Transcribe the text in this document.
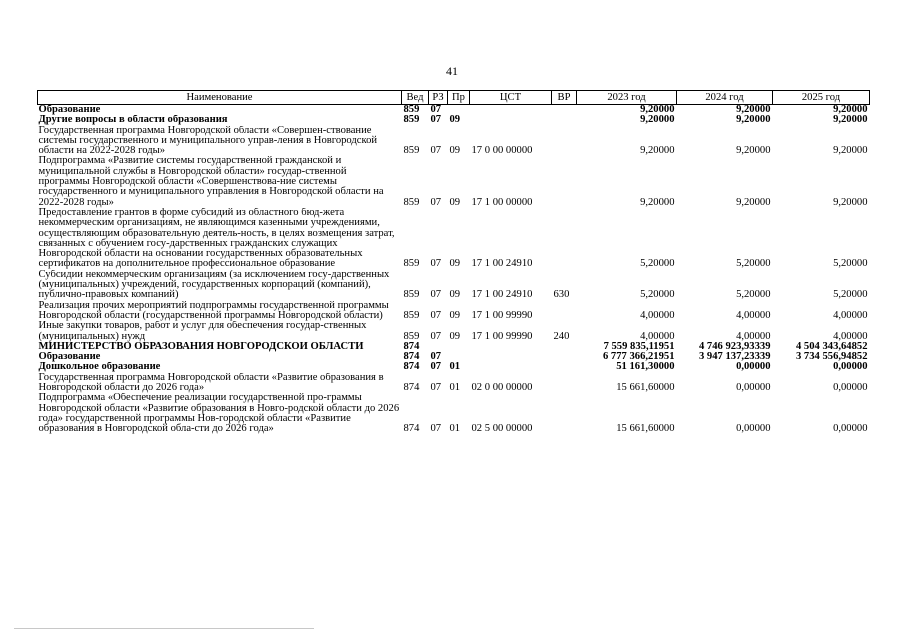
41
Наименование	Вед	РЗ	Пр	ЦСТ	ВР	2023 год	2024 год	2025 год
Образование	859	07				9,20000	9,20000	9,20000
Другие вопросы в области образования	859	07	09			9,20000	9,20000	9,20000
Государственная программа Новгородской области «Совершен-ствование системы государственного и муниципального управ-ления в Новгородской области на 2022-2028 годы»	859	07	09	17 0 00 00000		9,20000	9,20000	9,20000
Подпрограмма «Развитие системы государственной гражданской и муниципальной службы в Новгородской области» государ-ственной программы Новгородской области «Совершенствова-ние системы государственного и муниципального управления в Новгородской области на 2022-2028 годы»	859	07	09	17 1 00 00000		9,20000	9,20000	9,20000
Предоставление грантов в форме субсидий из областного бюд-жета некоммерческим организациям, не являющимся казенными учреждениями, осуществляющим образовательную деятель-ность, в целях возмещения затрат, связанных с обучением госу-дарственных гражданских служащих Новгородской области на основании государственных образовательных сертификатов на дополнительное профессиональное образование	859	07	09	17 1 00 24910		5,20000	5,20000	5,20000
Субсидии некоммерческим организациям (за исключением госу-дарственных (муниципальных) учреждений, государственных корпораций (компаний), публично-правовых компаний)	859	07	09	17 1 00 24910	630	5,20000	5,20000	5,20000
Реализация прочих мероприятий подпрограммы государственной программы Новгородской области (государственной программы Новгородской области)	859	07	09	17 1 00 99990		4,00000	4,00000	4,00000
Иные закупки товаров, работ и услуг для обеспечения государ-ственных (муниципальных) нужд	859	07	09	17 1 00 99990	240	4,00000	4,00000	4,00000
МИНИСТЕРСТВО ОБРАЗОВАНИЯ НОВГОРОДСКОЙ ОБЛАСТИ	874					7 559 835,11951	4 746 923,93339	4 504 343,64852
Образование	874	07				6 777 366,21951	3 947 137,23339	3 734 556,94852
Дошкольное образование	874	07	01			51 161,30000	0,00000	0,00000
Государственная программа Новгородской области «Развитие образования в Новгородской области до 2026 года»	874	07	01	02 0 00 00000		15 661,60000	0,00000	0,00000
Подпрограмма «Обеспечение реализации государственной про-граммы Новгородской области «Развитие образования в Новго-родской области до 2026 года» государственной программы Нов-городской области «Развитие образования в Новгородской обла-сти до 2026 года»	874	07	01	02 5 00 00000		15 661,60000	0,00000	0,00000
